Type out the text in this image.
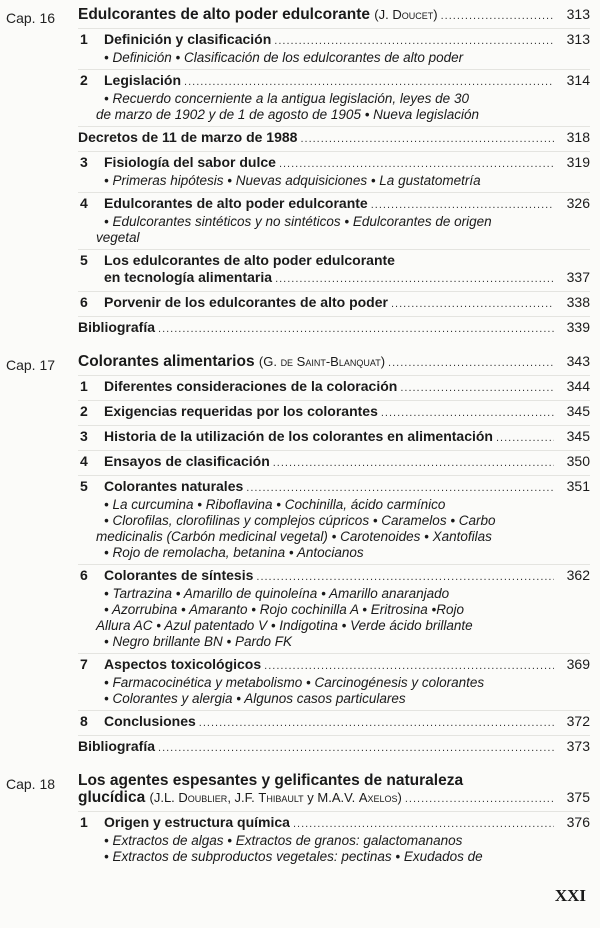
Cap. 16	Edulcorantes de alto poder edulcorante (J. Doucet) .....	313
1	Definición y clasificación .....	313
• Definición • Clasificación de los edulcorantes de alto poder
2	Legislación .....	314
• Recuerdo concerniente a la antigua legislación, leyes de 30
de marzo de 1902 y de 1 de agosto de 1905 • Nueva legislación
Decretos de 11 de marzo de 1988 .....	318
3	Fisiología del sabor dulce .....	319
• Primeras hipótesis • Nuevas adquisiciones • La gustatometría
4	Edulcorantes de alto poder edulcorante .....	326
• Edulcorantes sintéticos y no sintéticos • Edulcorantes de origen
vegetal
5	Los edulcorantes de alto poder edulcorante
en tecnología alimentaria .....	337
6	Porvenir de los edulcorantes de alto poder .....	338
Bibliografía .....	339
Cap. 17	Colorantes alimentarios (G. de Saint-Blanquat) .....	343
1	Diferentes consideraciones de la coloración .....	344
2	Exigencias requeridas por los colorantes .....	345
3	Historia de la utilización de los colorantes en alimentación .....	345
4	Ensayos de clasificación .....	350
5	Colorantes naturales .....	351
• La curcumina • Riboflavina • Cochinilla, ácido carmínico
• Clorofilas, clorofilinas y complejos cúpricos • Caramelos • Carbo
medicinalis (Carbón medicinal vegetal) • Carotenoides • Xantofilas
• Rojo de remolacha, betanina • Antocianos
6	Colorantes de síntesis .....	362
• Tartrazina • Amarillo de quinoleína • Amarillo anaranjado
• Azorrubina • Amaranto • Rojo cochinilla A • Eritrosina •Rojo
Allura AC • Azul patentado V • Indigotina • Verde ácido brillante
• Negro brillante BN • Pardo FK
7	Aspectos toxicológicos .....	369
• Farmacocinética y metabolismo • Carcinogénesis y colorantes
• Colorantes y alergia • Algunos casos particulares
8	Conclusiones .....	372
Bibliografía .....	373
Cap. 18	Los agentes espesantes y gelificantes de naturaleza
glucídica (J.L. Doublier, J.F. Thibault y M.A.V. Axelos) .....	375
1	Origen y estructura química .....	376
• Extractos de algas • Extractos de granos: galactomananos
• Extractos de subproductos vegetales: pectinas • Exudados de
XXI
